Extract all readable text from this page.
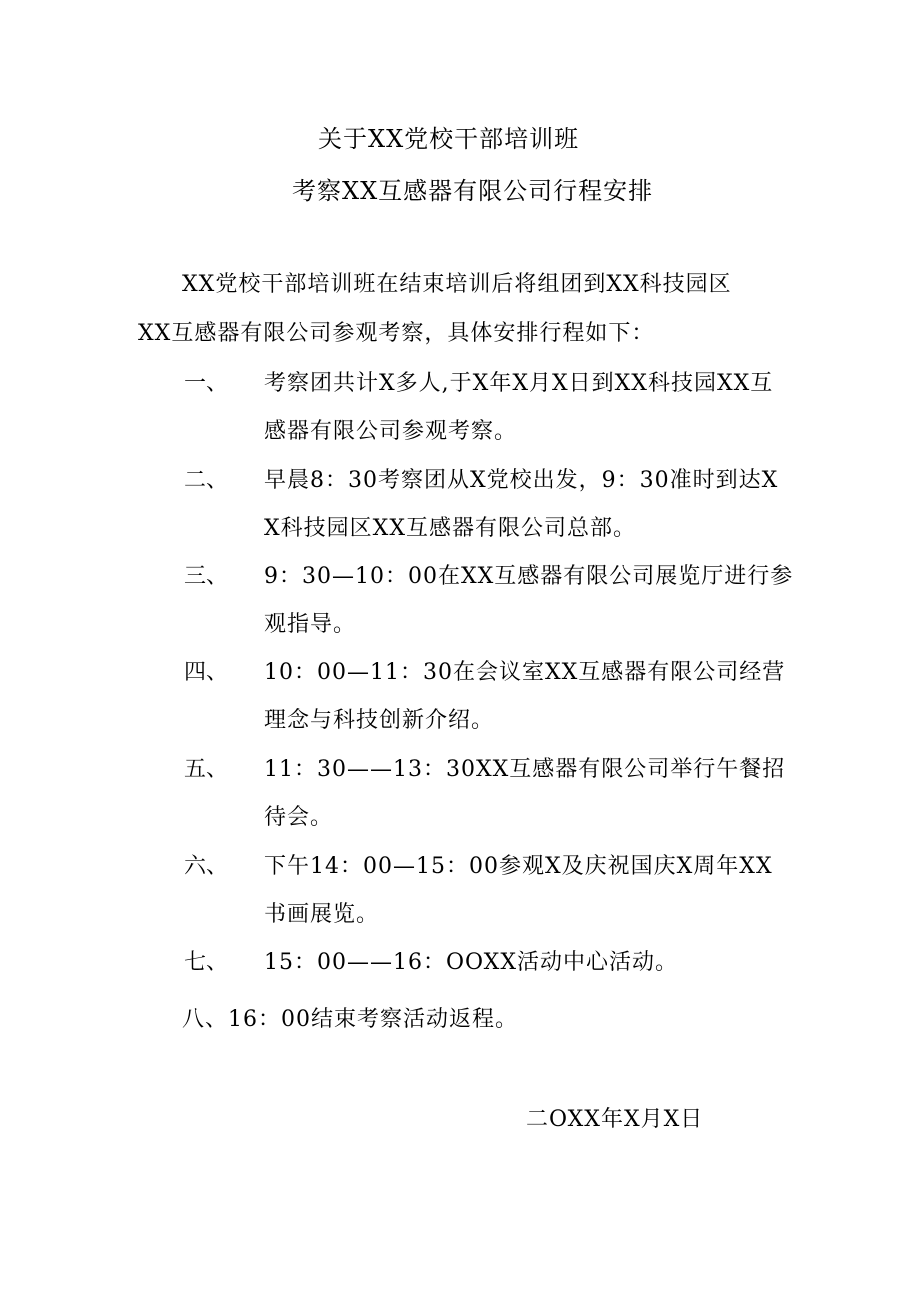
关于XX党校干部培训班
考察XX互感器有限公司行程安排
XX党校干部培训班在结束培训后将组团到XX科技园区
XX互感器有限公司参观考察，具体安排行程如下：
一、 考察团共计X多人,于X年X月X日到XX科技园XX互感器有限公司参观考察。
二、 早晨8：30考察团从X党校出发，9：30准时到达XX科技园区XX互感器有限公司总部。
三、 9：30—10：00在XX互感器有限公司展览厅进行参观指导。
四、 10：00—11：30在会议室XX互感器有限公司经营理念与科技创新介绍。
五、 11：30——13：30XX互感器有限公司举行午餐招待会。
六、 下午14：00—15：00参观X及庆祝国庆X周年XX书画展览。
七、 15：00——16：OOXX活动中心活动。
八、16：00结束考察活动返程。
二OXX年X月X日
